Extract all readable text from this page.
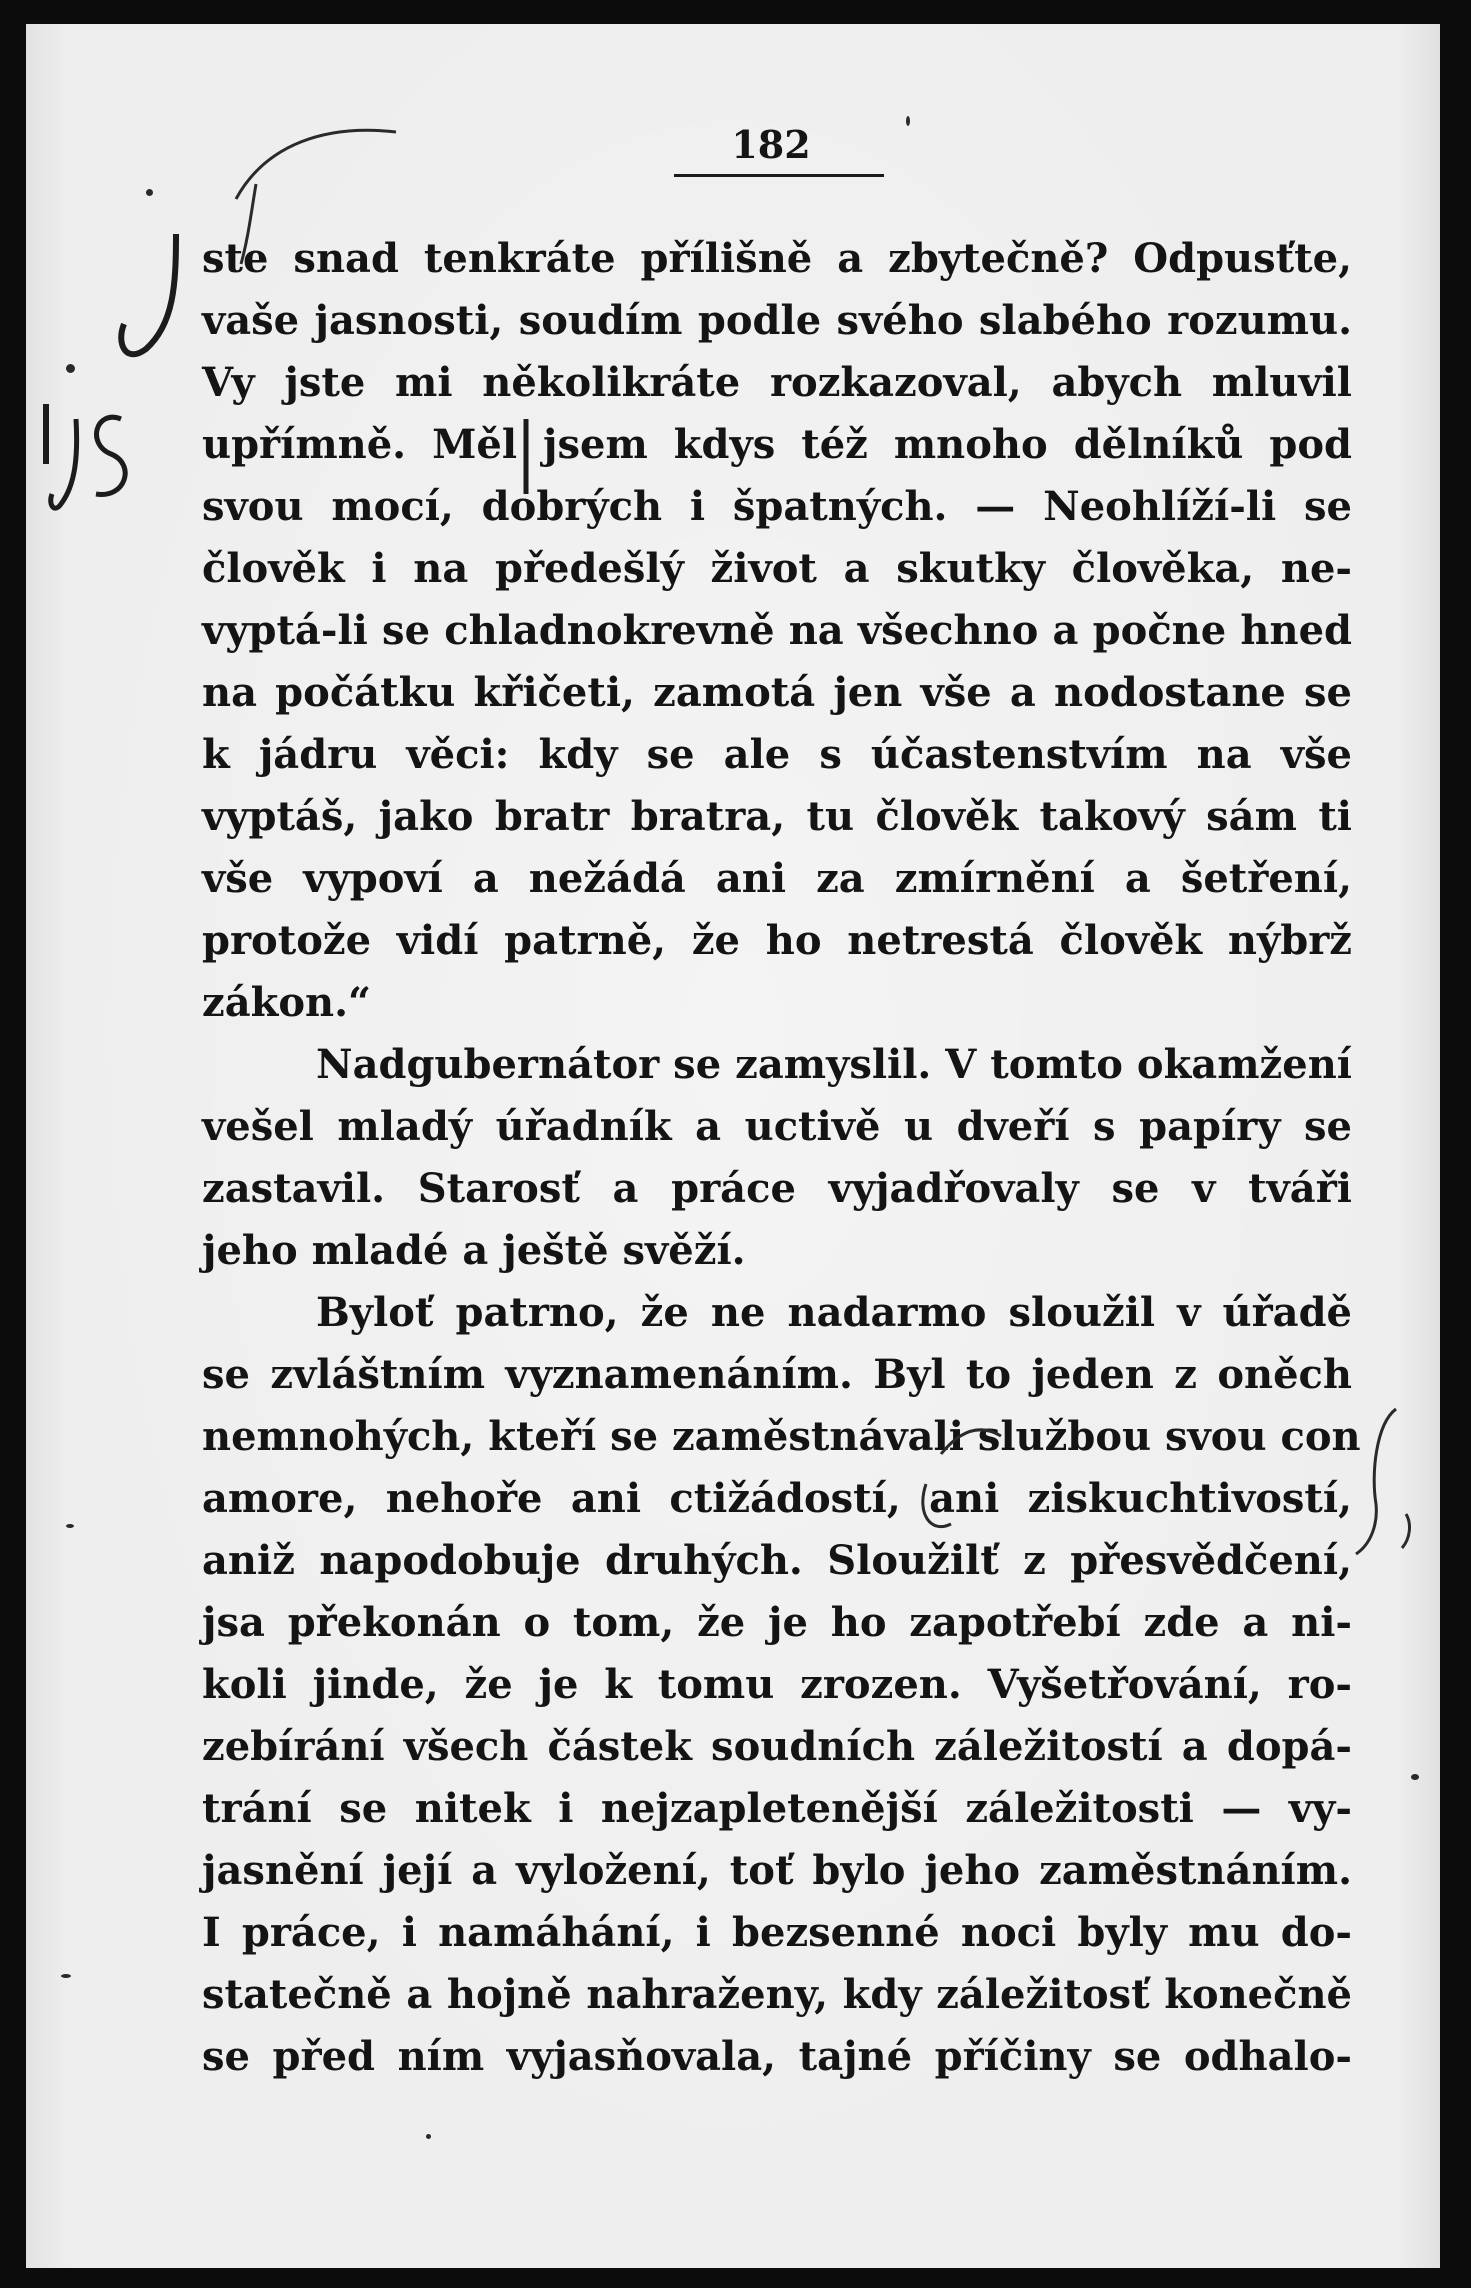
182
ste snad tenkráte přílišně a zbytečně? Odpusťte,
vaše jasnosti, soudím podle svého slabého rozumu.
Vy jste mi několikráte rozkazoval, abych mluvil
upřímně. Měl jsem kdys též mnoho dělníků pod
svou mocí, dobrých i špatných. — Neohlíží-li se
člověk i na předešlý život a skutky člověka, ne-
vyptá-li se chladnokrevně na všechno a počne hned
na počátku křičeti, zamotá jen vše a nodostane se
k jádru věci: kdy se ale s účastenstvím na vše
vyptáš, jako bratr bratra, tu člověk takový sám ti
vše vypoví a nežádá ani za zmírnění a šetření,
protože vidí patrně, že ho netrestá člověk nýbrž
zákon.“
Nadgubernátor se zamyslil. V tomto okamžení
vešel mladý úřadník a uctivě u dveří s papíry se
zastavil. Starosť a práce vyjadřovaly se v tváři
jeho mladé a ještě svěží.
Byloť patrno, že ne nadarmo sloužil v úřadě
se zvláštním vyznamenáním. Byl to jeden z oněch
nemnohých, kteří se zaměstnávali službou svou con
amore, nehoře ani ctižádostí, ani ziskuchtivostí,
aniž napodobuje druhých. Sloužilť z přesvědčení,
jsa překonán o tom, že je ho zapotřebí zde a ni-
koli jinde, že je k tomu zrozen. Vyšetřování, ro-
zebírání všech částek soudních záležitostí a dopá-
trání se nitek i nejzapletenější záležitosti — vy-
jasnění její a vyložení, toť bylo jeho zaměstnáním.
I práce, i namáhání, i bezsenné noci byly mu do-
statečně a hojně nahraženy, kdy záležitosť konečně
se před ním vyjasňovala, tajné příčiny se odhalo-
